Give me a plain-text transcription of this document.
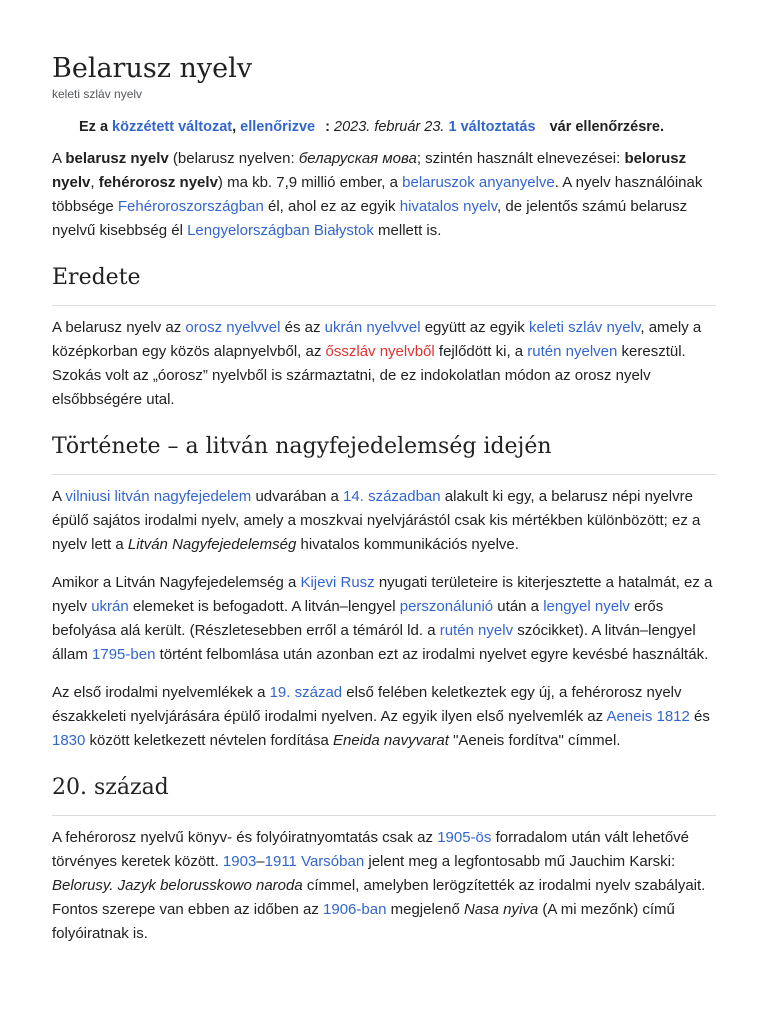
Belarusz nyelv
keleti szláv nyelv
Ez a közzétett változat, ellenőrizve : 2023. február 23. 1 változtatás vár ellenőrzésre.

A belarusz nyelv (belarusz nyelven: беларуская мова; szintén használt elnevezései: belorusz nyelv, fehérorosz nyelv) ma kb. 7,9 millió ember, a belaruszok anyanyelve. A nyelv használóinak többsége Fehéroroszországban él, ahol ez az egyik hivatalos nyelv, de jelentős számú belarusz nyelvű kisebbség él Lengyelországban Białystok mellett is.

Eredete

A belarusz nyelv az orosz nyelvvel és az ukrán nyelvvel együtt az egyik keleti szláv nyelv, amely a középkorban egy közös alapnyelvből, az ősszláv nyelvből fejlődött ki, a rutén nyelven keresztül. Szokás volt az „óorosz” nyelvből is származtatni, de ez indokolatlan módon az orosz nyelv elsőbbségére utal.

Története – a litván nagyfejedelemség idején

A vilniusi litván nagyfejedelem udvarában a 14. században alakult ki egy, a belarusz népi nyelvre épülő sajátos irodalmi nyelv, amely a moszkvai nyelvjárástól csak kis mértékben különbözött; ez a nyelv lett a Litván Nagyfejedelemség hivatalos kommunikációs nyelve.

Amikor a Litván Nagyfejedelemség a Kijevi Rusz nyugati területeire is kiterjesztette a hatalmát, ez a nyelv ukrán elemeket is befogadott. A litván–lengyel perszonálunió után a lengyel nyelv erős befolyása alá került. (Részletesebben erről a témáról ld. a rutén nyelv szócikket). A litván–lengyel állam 1795-ben történt felbomlása után azonban ezt az irodalmi nyelvet egyre kevésbé használták.

Az első irodalmi nyelvemlékek a 19. század első felében keletkeztek egy új, a fehérorosz nyelv északkeleti nyelvjárására épülő irodalmi nyelven. Az egyik ilyen első nyelvemlék az Aeneis 1812 és 1830 között keletkezett névtelen fordítása Eneida navyvarat "Aeneis fordítva" címmel.

20. század

A fehérorosz nyelvű könyv- és folyóiratnyomtatás csak az 1905-ös forradalom után vált lehetővé törvényes keretek között. 1903–1911 Varsóban jelent meg a legfontosabb mű Jauchim Karski: Belorusy. Jazyk belorusskowo naroda címmel, amelyben lerögzítették az irodalmi nyelv szabályait. Fontos szerepe van ebben az időben az 1906-ban megjelenő Nasa nyiva (A mi mezőnk) című folyóiratnak is.
